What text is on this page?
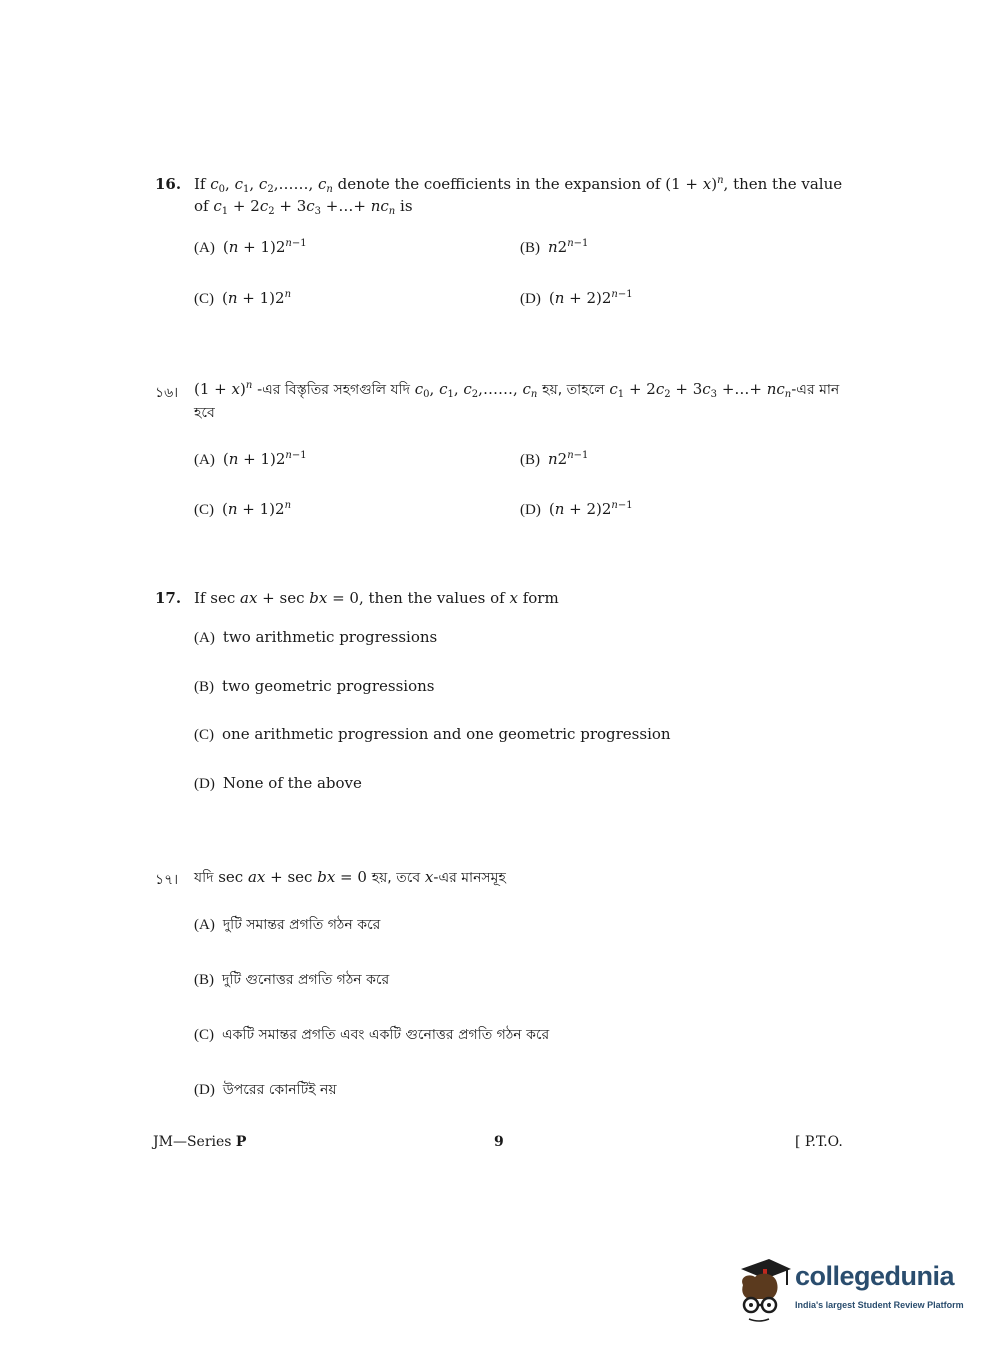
16. If $c_0$, $c_1$, $c_2,\dots\dots$, $c_n$ denote the coefficients in the expansion of $(1 + x)^n$, then the value
of $c_1 + 2c_2 + 3c_3$ +…+ $nc_n$ is
(A) $(n + 1)2^{n-1}$	(B) $n2^{n-1}$
(C) $(n + 1)2^n$	(D) $(n + 2)2^{n-1}$
১৬। $(1 + x)^n$ -এর বিস্তৃতির সহগগুলি যদি $c_0$, $c_1$, $c_2,\dots\dots$, $c_n$ হয়, তাহলে $c_1 + 2c_2 + 3c_3$ +…+ $nc_n-এর$ মান
হবে
(A) $(n + 1)2^{n-1}$	(B) $n2^{n-1}$
(C) $(n + 1)2^n$	(D) $(n + 2)2^{n-1}$
17. If sec ax + sec bx = 0, then the values of x form
(A) two arithmetic progressions
(B) two geometric progressions
(C) one arithmetic progression and one geometric progression
(D) None of the above
১৭। যদি sec ax + sec bx = 0 হয়, তবে x-এর মানসমূহ
(A) দুটি সমান্তর প্রগতি গঠন করে
(B) দুটি গুনোত্তর প্রগতি গঠন করে
(C) একটি সমান্তর প্রগতি এবং একটি গুনোত্তর প্রগতি গঠন করে
(D) উপরের কোনটিই নয়
JM—Series P	9	[ P.T.O.
collegedunia
India's largest Student Review Platform
